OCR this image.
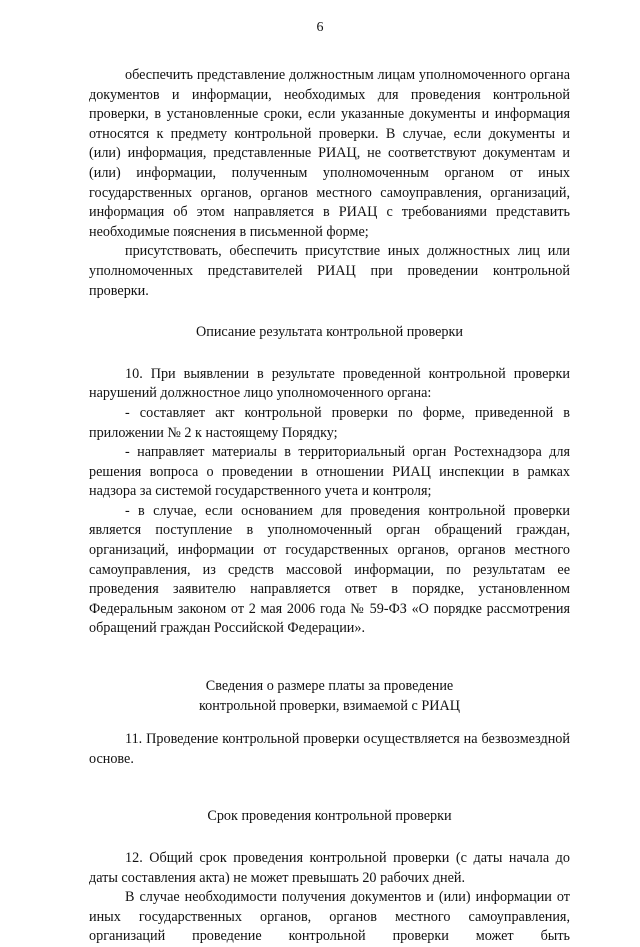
6

обеспечить представление должностным лицам уполномоченного органа документов и информации, необходимых для проведения контрольной проверки, в установленные сроки, если указанные документы и информация относятся к предмету контрольной проверки. В случае, если документы и (или) информация, представленные РИАЦ, не соответствуют документам и (или) информации, полученным уполномоченным органом от иных государственных органов, органов местного самоуправления, организаций, информация об этом направляется в РИАЦ с требованиями представить необходимые пояснения в письменной форме;

присутствовать, обеспечить присутствие иных должностных лиц или уполномоченных представителей РИАЦ при проведении контрольной проверки.

Описание результата контрольной проверки

10. При выявлении в результате проведенной контрольной проверки нарушений должностное лицо уполномоченного органа:

- составляет акт контрольной проверки по форме, приведенной в приложении № 2 к настоящему Порядку;

- направляет материалы в территориальный орган Ростехнадзора для решения вопроса о проведении в отношении РИАЦ инспекции в рамках надзора за системой государственного учета и контроля;

- в случае, если основанием для проведения контрольной проверки является поступление в уполномоченный орган обращений граждан, организаций, информации от государственных органов, органов местного самоуправления, из средств массовой информации, по результатам ее проведения заявителю направляется ответ в порядке, установленном Федеральным законом от 2 мая 2006 года № 59-ФЗ «О порядке рассмотрения обращений граждан Российской Федерации».

Сведения о размере платы за проведение

контрольной проверки, взимаемой с РИАЦ

11. Проведение контрольной проверки осуществляется на безвозмездной основе.

Срок проведения контрольной проверки

12. Общий срок проведения контрольной проверки (с даты начала до даты составления акта) не может превышать 20 рабочих дней.

В случае необходимости получения документов и (или) информации от иных государственных органов, органов местного самоуправления, организаций проведение контрольной проверки может быть
